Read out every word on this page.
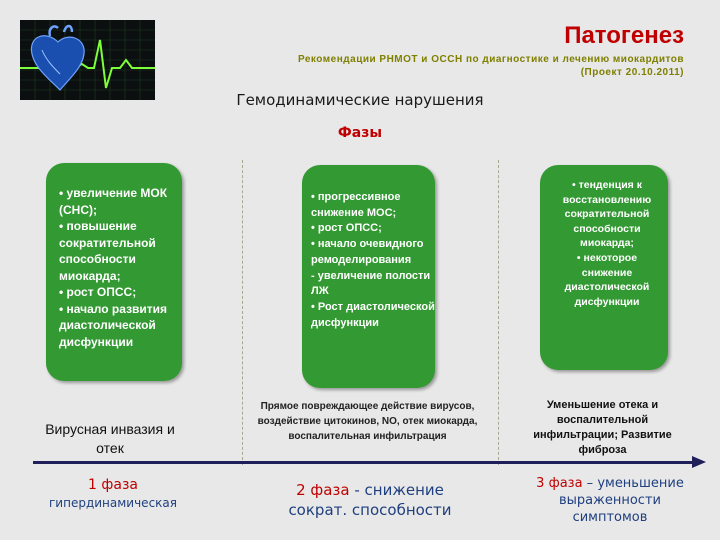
Патогенез
Рекомендации РНМОТ и ОССН по диагностике и лечению миокардитов
(Проект 20.10.2011)
Гемодинамические нарушения
Фазы
• увеличение МОК (СНС);
• повышение сократительной способности миокарда;
• рост ОПСС;
• начало развития диастолической дисфункции
• прогрессивное снижение МОС;
• рост ОПСС;
• начало очевидного ремоделирования
- увеличение полости ЛЖ
• Рост диастолической дисфункции
• тенденция к восстановлению сократительной способности миокарда;
• некоторое снижение диастолической дисфункции
Вирусная инвазия и отек
Прямое повреждающее действие вирусов, воздействие цитокинов, NO, отек миокарда, воспалительная инфильтрация
Уменьшение отека и воспалительной инфильтрации; Развитие фиброза
1 фаза
гипердинамическая
2 фаза - снижение сократ. способности
3 фаза – уменьшение выраженности симптомов
